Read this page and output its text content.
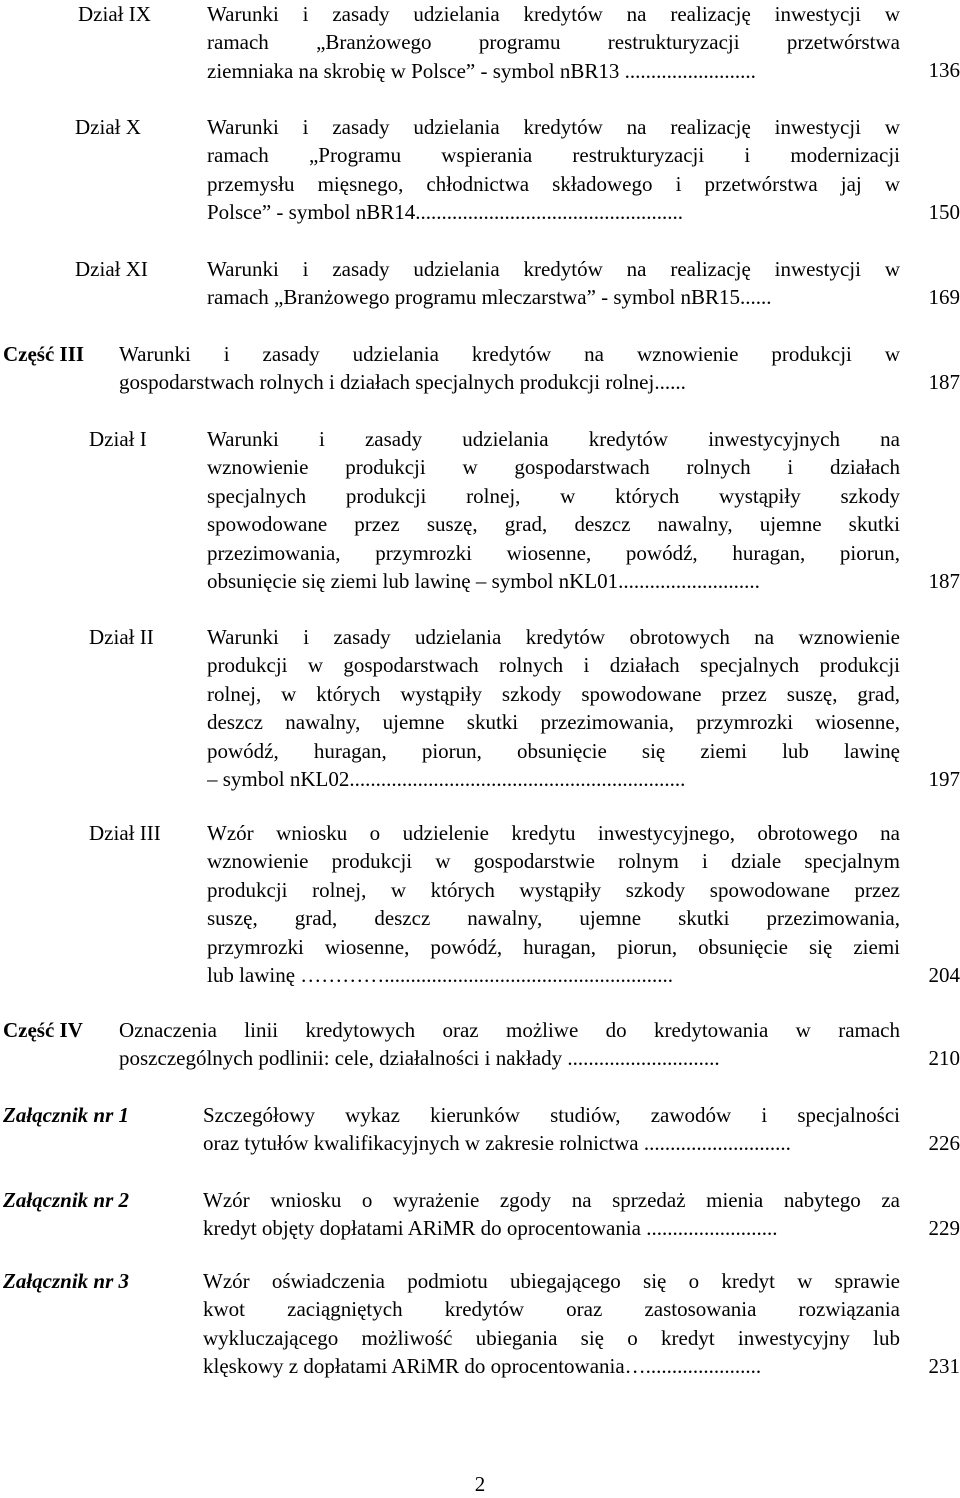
Dział IX	Warunki i zasady udzielania kredytów na realizację inwestycji w
ramach „Branżowego programu restrukturyzacji przetwórstwa
ziemniaka na skrobię w Polsce” - symbol nBR13 .........................	136
Dział X	Warunki i zasady udzielania kredytów na realizację inwestycji w
ramach „Programu wspierania restrukturyzacji i modernizacji
przemysłu mięsnego, chłodnictwa składowego i przetwórstwa jaj w
Polsce” - symbol nBR14...................................................	150
Dział XI	Warunki i zasady udzielania kredytów na realizację inwestycji w
ramach „Branżowego programu mleczarstwa” - symbol nBR15......	169
Część III Warunki i zasady udzielania kredytów na wznowienie produkcji w
gospodarstwach rolnych i działach specjalnych produkcji rolnej......	187
Dział I	Warunki i zasady udzielania kredytów inwestycyjnych na
wznowienie produkcji w gospodarstwach rolnych i działach
specjalnych produkcji rolnej, w których wystąpiły szkody
spowodowane przez suszę, grad, deszcz nawalny, ujemne skutki
przezimowania, przymrozki wiosenne, powódź, huragan, piorun,
obsunięcie się ziemi lub lawinę – symbol nKL01...........................	187
Dział II	Warunki i zasady udzielania kredytów obrotowych na wznowienie
produkcji w gospodarstwach rolnych i działach specjalnych produkcji
rolnej, w których wystąpiły szkody spowodowane przez suszę, grad,
deszcz nawalny, ujemne skutki przezimowania, przymrozki wiosenne,
powódź, huragan, piorun, obsunięcie się ziemi lub lawinę
– symbol nKL02................................................................	197
Dział III Wzór wniosku o udzielenie kredytu inwestycyjnego, obrotowego na
wznowienie produkcji w gospodarstwie rolnym i dziale specjalnym
produkcji rolnej, w których wystąpiły szkody spowodowane przez
suszę, grad, deszcz nawalny, ujemne skutki przezimowania,
przymrozki wiosenne, powódź, huragan, piorun, obsunięcie się ziemi
lub lawinę ………….......................................................	204
Część IV Oznaczenia linii kredytowych oraz możliwe do kredytowania w ramach
poszczególnych podlinii: cele, działalności i nakłady .............................	210
Załącznik nr 1	Szczegółowy wykaz kierunków studiów, zawodów i specjalności
oraz tytułów kwalifikacyjnych w zakresie rolnictwa ............................	226
Załącznik nr 2	Wzór wniosku o wyrażenie zgody na sprzedaż mienia nabytego za
kredyt objęty dopłatami ARiMR do oprocentowania .........................	229
Załącznik nr 3	Wzór oświadczenia podmiotu ubiegającego się o kredyt w sprawie
kwot zaciągniętych kredytów oraz zastosowania rozwiązania
wykluczającego możliwość ubiegania się o kredyt inwestycyjny lub
klęskowy z dopłatami ARiMR do oprocentowania…......................	231
2
